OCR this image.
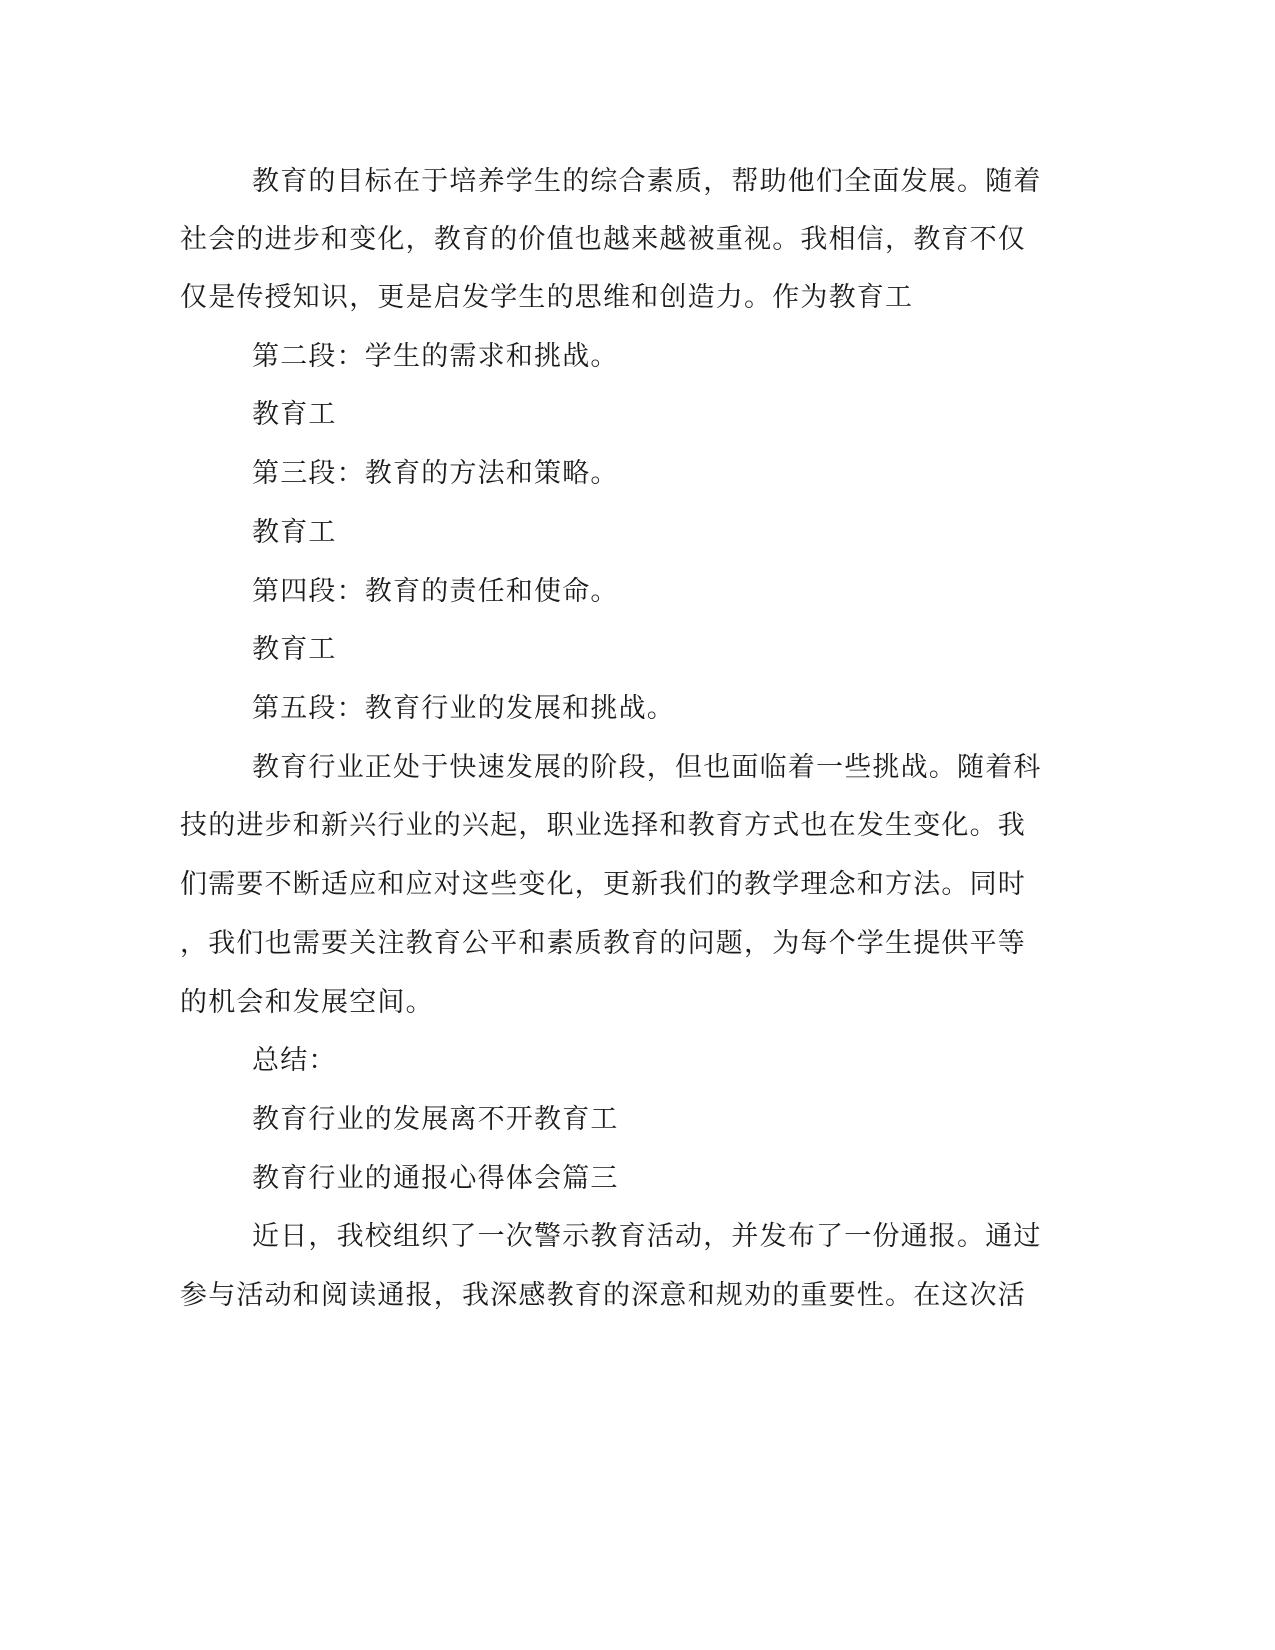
教育的目标在于培养学生的综合素质，帮助他们全面发展。随着
社会的进步和变化，教育的价值也越来越被重视。我相信，教育不仅
仅是传授知识，更是启发学生的思维和创造力。作为教育工
第二段：学生的需求和挑战。
教育工
第三段：教育的方法和策略。
教育工
第四段：教育的责任和使命。
教育工
第五段：教育行业的发展和挑战。
教育行业正处于快速发展的阶段，但也面临着一些挑战。随着科
技的进步和新兴行业的兴起，职业选择和教育方式也在发生变化。我
们需要不断适应和应对这些变化，更新我们的教学理念和方法。同时
，我们也需要关注教育公平和素质教育的问题，为每个学生提供平等
的机会和发展空间。
总结：
教育行业的发展离不开教育工
教育行业的通报心得体会篇三
近日，我校组织了一次警示教育活动，并发布了一份通报。通过
参与活动和阅读通报，我深感教育的深意和规劝的重要性。在这次活
